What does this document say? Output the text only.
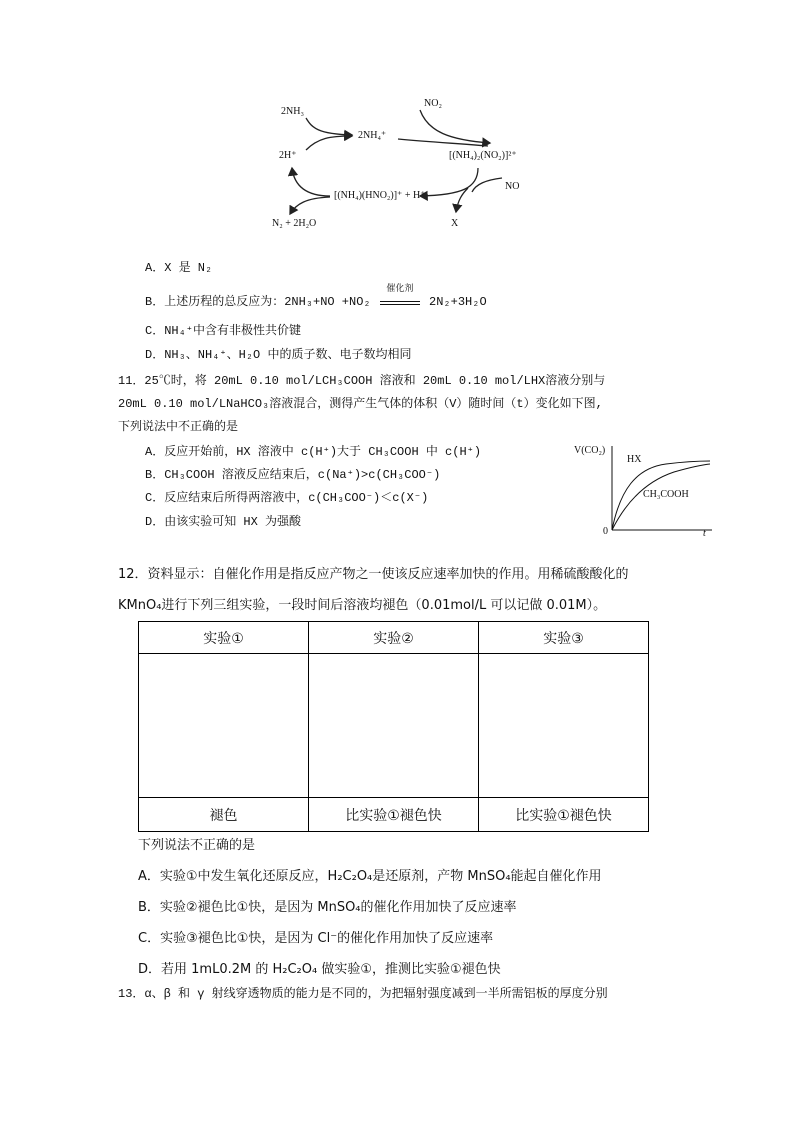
2NH₃
2NH₄⁺
NO₂
[(NH₄)₂(NO₂)]²⁺
NO
X
[(NH₄)(HNO₂)]⁺ + H⁺
2H⁺
N₂ + 2H₂O
A．X 是 N₂
B．上述历程的总反应为：2NH₃+NO +NO₂
催化剂
2N₂+3H₂O
C．NH₄⁺中含有非极性共价键
D．NH₃、NH₄⁺、H₂O 中的质子数、电子数均相同
11．25℃时，将 20mL 0.10 mol/LCH₃COOH 溶液和 20mL 0.10 mol/LHX溶液分别与
20mL 0.10 mol/LNaHCO₃溶液混合，测得产生气体的体积（V）随时间（t）变化如下图,
下列说法中不正确的是
A．反应开始前，HX 溶液中 c(H⁺)大于 CH₃COOH 中 c(H⁺)
B．CH₃COOH 溶液反应结束后，c(Na⁺)>c(CH₃COO⁻)
C．反应结束后所得两溶液中，c(CH₃COO⁻)＜c(X⁻)
D．由该实验可知 HX 为强酸
V(CO₂)
HX
CH₃COOH
0	t
12．资料显示：自催化作用是指反应产物之一使该反应速率加快的作用。用稀硫酸酸化的
KMnO₄进行下列三组实验，一段时间后溶液均褪色（0.01mol/L 可以记做 0.01M）。
实验①	实验②	实验③

褪色	比实验①褪色快	比实验①褪色快
下列说法不正确的是
A．实验①中发生氧化还原反应，H₂C₂O₄是还原剂，产物 MnSO₄能起自催化作用
B．实验②褪色比①快，是因为 MnSO₄的催化作用加快了反应速率
C．实验③褪色比①快，是因为 Cl⁻的催化作用加快了反应速率
D．若用 1mL0.2M 的 H₂C₂O₄ 做实验①，推测比实验①褪色快
13．α、β 和 γ 射线穿透物质的能力是不同的，为把辐射强度减到一半所需铝板的厚度分别
